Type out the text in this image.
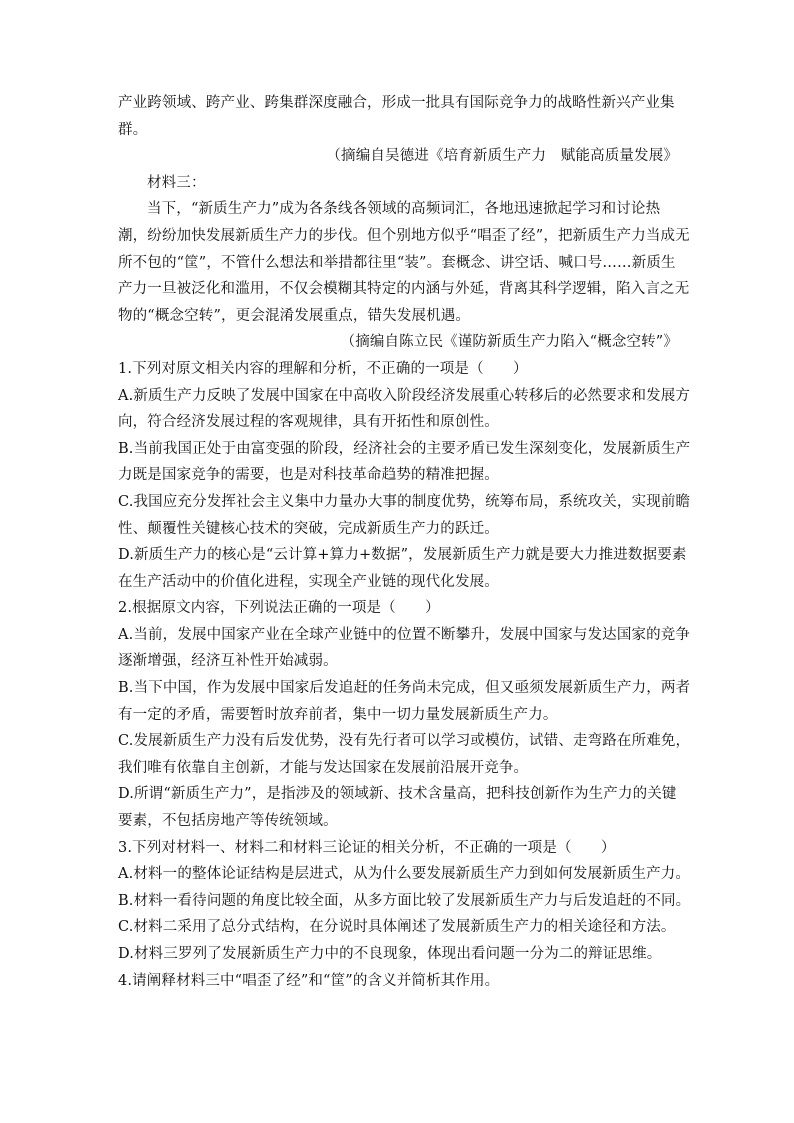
产业跨领域、跨产业、跨集群深度融合，形成一批具有国际竞争力的战略性新兴产业集
群。
（摘编自吴德进《培育新质生产力　赋能高质量发展》
材料三：
当下，“新质生产力”成为各条线各领域的高频词汇，各地迅速掀起学习和讨论热
潮，纷纷加快发展新质生产力的步伐。但个别地方似乎“唱歪了经”，把新质生产力当成无
所不包的“筐”，不管什么想法和举措都往里“装”。套概念、讲空话、喊口号……新质生
产力一旦被泛化和滥用，不仅会模糊其特定的内涵与外延，背离其科学逻辑，陷入言之无
物的“概念空转”，更会混淆发展重点，错失发展机遇。
（摘编自陈立民《谨防新质生产力陷入“概念空转”》
1.下列对原文相关内容的理解和分析，不正确的一项是（　　）
A.新质生产力反映了发展中国家在中高收入阶段经济发展重心转移后的必然要求和发展方
向，符合经济发展过程的客观规律，具有开拓性和原创性。
B.当前我国正处于由富变强的阶段，经济社会的主要矛盾已发生深刻变化，发展新质生产
力既是国家竞争的需要，也是对科技革命趋势的精准把握。
C.我国应充分发挥社会主义集中力量办大事的制度优势，统筹布局，系统攻关，实现前瞻
性、颠覆性关键核心技术的突破，完成新质生产力的跃迁。
D.新质生产力的核心是“云计算+算力+数据”，发展新质生产力就是要大力推进数据要素
在生产活动中的价值化进程，实现全产业链的现代化发展。
2.根据原文内容，下列说法正确的一项是（　　）
A.当前，发展中国家产业在全球产业链中的位置不断攀升，发展中国家与发达国家的竞争
逐渐增强，经济互补性开始减弱。
B.当下中国，作为发展中国家后发追赶的任务尚未完成，但又亟须发展新质生产力，两者
有一定的矛盾，需要暂时放弃前者，集中一切力量发展新质生产力。
C.发展新质生产力没有后发优势，没有先行者可以学习或模仿，试错、走弯路在所难免，
我们唯有依靠自主创新，才能与发达国家在发展前沿展开竞争。
D.所谓“新质生产力”，是指涉及的领域新、技术含量高，把科技创新作为生产力的关键
要素，不包括房地产等传统领域。
3.下列对材料一、材料二和材料三论证的相关分析，不正确的一项是（　　）
A.材料一的整体论证结构是层进式，从为什么要发展新质生产力到如何发展新质生产力。
B.材料一看待问题的角度比较全面，从多方面比较了发展新质生产力与后发追赶的不同。
C.材料二采用了总分式结构，在分说时具体阐述了发展新质生产力的相关途径和方法。
D.材料三罗列了发展新质生产力中的不良现象，体现出看问题一分为二的辩证思维。
4.请阐释材料三中“唱歪了经”和“筐”的含义并简析其作用。
